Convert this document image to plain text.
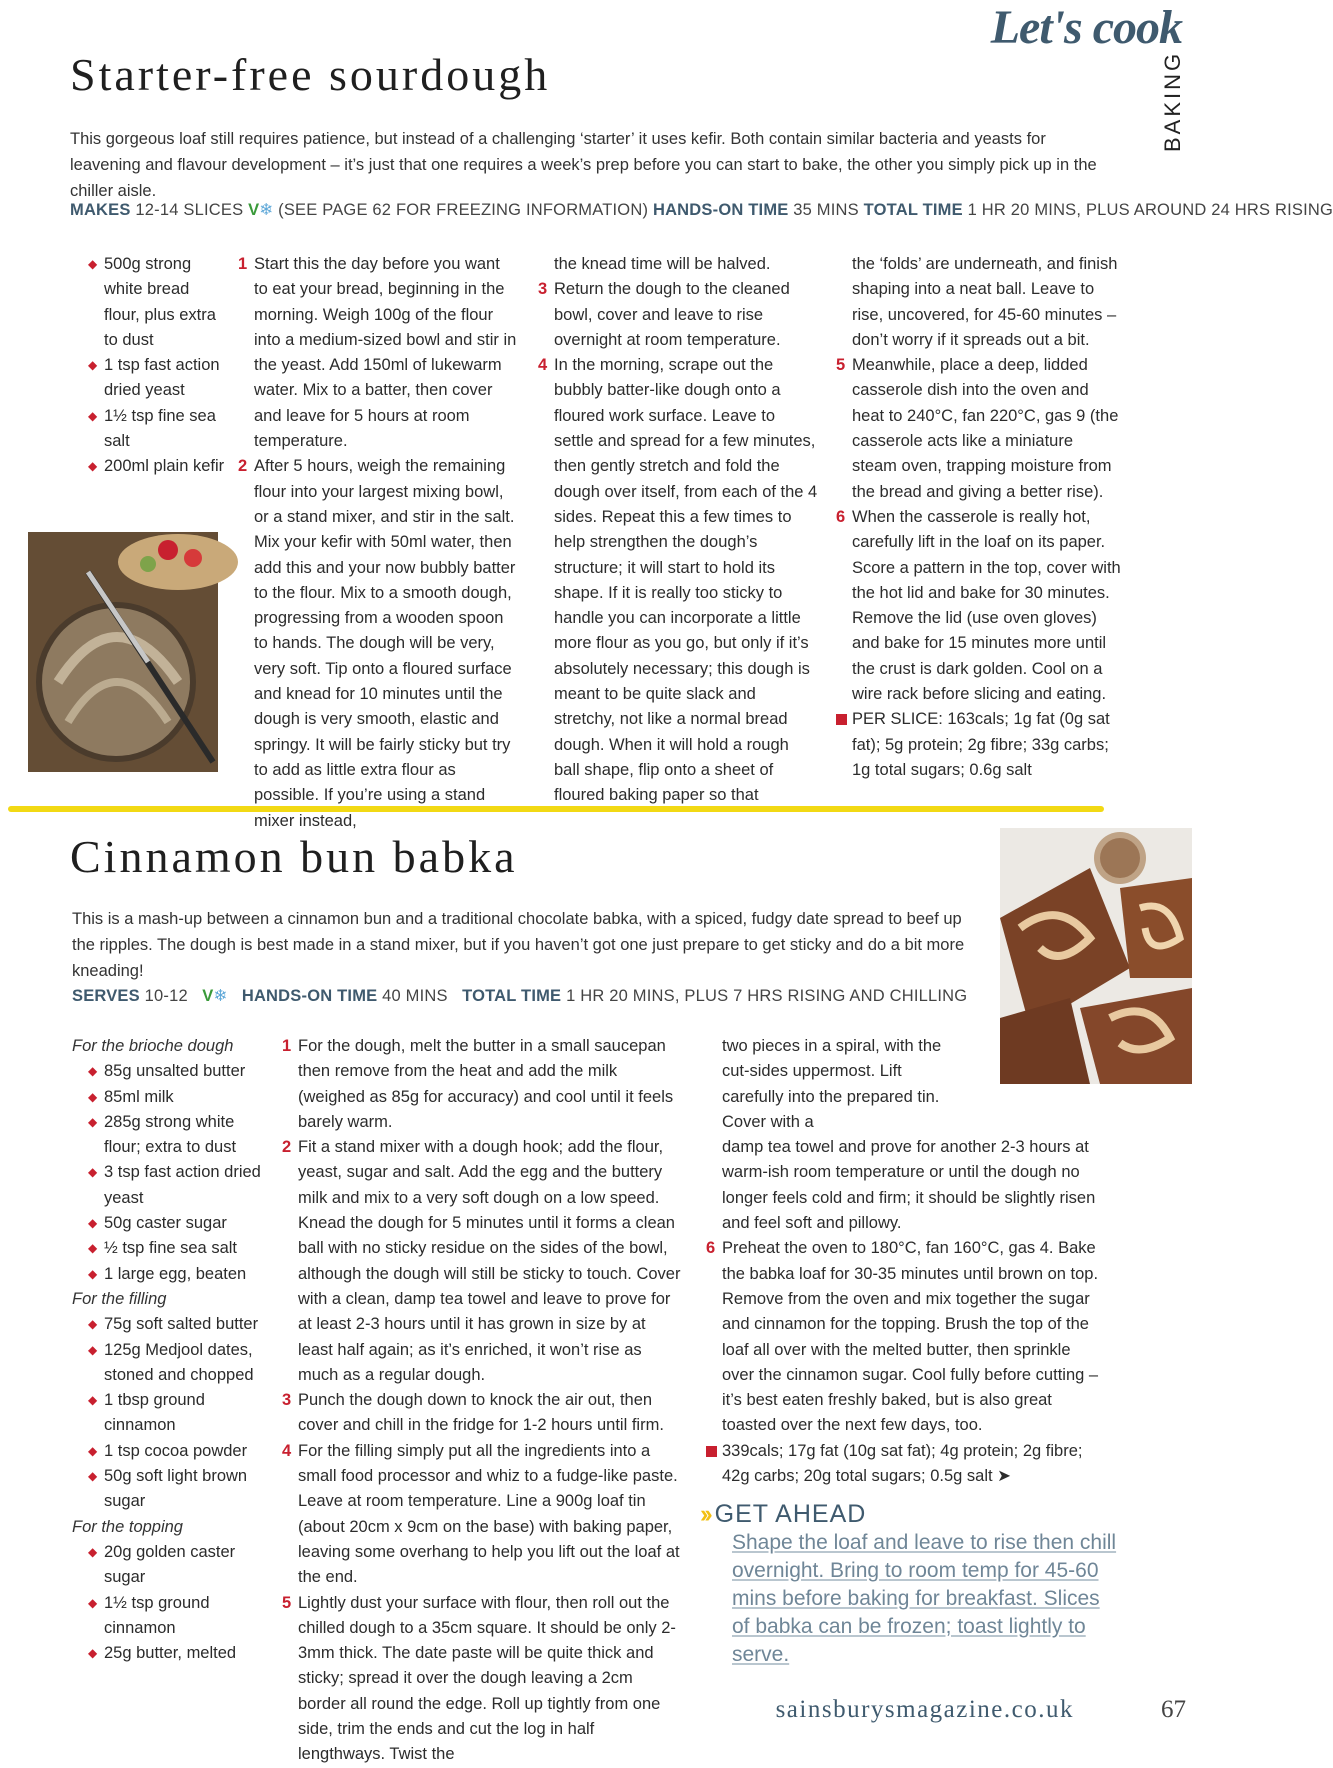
Let's cook
BAKING
Starter-free sourdough
This gorgeous loaf still requires patience, but instead of a challenging ‘starter’ it uses kefir. Both contain similar bacteria and yeasts for leavening and flavour development – it’s just that one requires a week’s prep before you can start to bake, the other you simply pick up in the chiller aisle.
MAKES 12-14 SLICES V❄ (SEE PAGE 62 FOR FREEZING INFORMATION) HANDS-ON TIME 35 MINS TOTAL TIME 1 HR 20 MINS, PLUS AROUND 24 HRS RISING
◆ 500g strong white bread flour, plus extra to dust
◆ 1 tsp fast action dried yeast
◆ 1½ tsp fine sea salt
◆ 200ml plain kefir
1 Start this the day before you want to eat your bread, beginning in the morning. Weigh 100g of the flour into a medium-sized bowl and stir in the yeast. Add 150ml of lukewarm water. Mix to a batter, then cover and leave for 5 hours at room temperature.
2 After 5 hours, weigh the remaining flour into your largest mixing bowl, or a stand mixer, and stir in the salt. Mix your kefir with 50ml water, then add this and your now bubbly batter to the flour. Mix to a smooth dough, progressing from a wooden spoon to hands. The dough will be very, very soft. Tip onto a floured surface and knead for 10 minutes until the dough is very smooth, elastic and springy. It will be fairly sticky but try to add as little extra flour as possible. If you’re using a stand mixer instead,
the knead time will be halved.
3 Return the dough to the cleaned bowl, cover and leave to rise overnight at room temperature.
4 In the morning, scrape out the bubbly batter-like dough onto a floured work surface. Leave to settle and spread for a few minutes, then gently stretch and fold the dough over itself, from each of the 4 sides. Repeat this a few times to help strengthen the dough’s structure; it will start to hold its shape. If it is really too sticky to handle you can incorporate a little more flour as you go, but only if it’s absolutely necessary; this dough is meant to be quite slack and stretchy, not like a normal bread dough. When it will hold a rough ball shape, flip onto a sheet of floured baking paper so that
the ‘folds’ are underneath, and finish shaping into a neat ball. Leave to rise, uncovered, for 45-60 minutes – don’t worry if it spreads out a bit.
5 Meanwhile, place a deep, lidded casserole dish into the oven and heat to 240°C, fan 220°C, gas 9 (the casserole acts like a miniature steam oven, trapping moisture from the bread and giving a better rise).
6 When the casserole is really hot, carefully lift in the loaf on its paper. Score a pattern in the top, cover with the hot lid and bake for 30 minutes. Remove the lid (use oven gloves) and bake for 15 minutes more until the crust is dark golden. Cool on a wire rack before slicing and eating.
PER SLICE: 163cals; 1g fat (0g sat fat); 5g protein; 2g fibre; 33g carbs; 1g total sugars; 0.6g salt
Cinnamon bun babka
This is a mash-up between a cinnamon bun and a traditional chocolate babka, with a spiced, fudgy date spread to beef up the ripples. The dough is best made in a stand mixer, but if you haven’t got one just prepare to get sticky and do a bit more kneading!
SERVES 10-12 V❄ HANDS-ON TIME 40 MINS TOTAL TIME 1 HR 20 MINS, PLUS 7 HRS RISING AND CHILLING
For the brioche dough
◆ 85g unsalted butter
◆ 85ml milk
◆ 285g strong white flour; extra to dust
◆ 3 tsp fast action dried yeast
◆ 50g caster sugar
◆ ½ tsp fine sea salt
◆ 1 large egg, beaten
For the filling
◆ 75g soft salted butter
◆ 125g Medjool dates, stoned and chopped
◆ 1 tbsp ground cinnamon
◆ 1 tsp cocoa powder
◆ 50g soft light brown sugar
For the topping
◆ 20g golden caster sugar
◆ 1½ tsp ground cinnamon
◆ 25g butter, melted
1 For the dough, melt the butter in a small saucepan then remove from the heat and add the milk (weighed as 85g for accuracy) and cool until it feels barely warm.
2 Fit a stand mixer with a dough hook; add the flour, yeast, sugar and salt. Add the egg and the buttery milk and mix to a very soft dough on a low speed. Knead the dough for 5 minutes until it forms a clean ball with no sticky residue on the sides of the bowl, although the dough will still be sticky to touch. Cover with a clean, damp tea towel and leave to prove for at least 2-3 hours until it has grown in size by at least half again; as it’s enriched, it won’t rise as much as a regular dough.
3 Punch the dough down to knock the air out, then cover and chill in the fridge for 1-2 hours until firm.
4 For the filling simply put all the ingredients into a small food processor and whiz to a fudge-like paste. Leave at room temperature. Line a 900g loaf tin (about 20cm x 9cm on the base) with baking paper, leaving some overhang to help you lift out the loaf at the end.
5 Lightly dust your surface with flour, then roll out the chilled dough to a 35cm square. It should be only 2-3mm thick. The date paste will be quite thick and sticky; spread it over the dough leaving a 2cm border all round the edge. Roll up tightly from one side, trim the ends and cut the log in half lengthways. Twist the
two pieces in a spiral, with the cut-sides uppermost. Lift carefully into the prepared tin. Cover with a
damp tea towel and prove for another 2-3 hours at warm-ish room temperature or until the dough no longer feels cold and firm; it should be slightly risen and feel soft and pillowy.
6 Preheat the oven to 180°C, fan 160°C, gas 4. Bake the babka loaf for 30-35 minutes until brown on top. Remove from the oven and mix together the sugar and cinnamon for the topping. Brush the top of the loaf all over with the melted butter, then sprinkle over the cinnamon sugar. Cool fully before cutting – it’s best eaten freshly baked, but is also great toasted over the next few days, too.
339cals; 17g fat (10g sat fat); 4g protein; 2g fibre; 42g carbs; 20g total sugars; 0.5g salt ➤
›› GET AHEAD
Shape the loaf and leave to rise then chill overnight. Bring to room temp for 45-60 mins before baking for breakfast. Slices of babka can be frozen; toast lightly to serve.
sainsburysmagazine.co.uk	67
